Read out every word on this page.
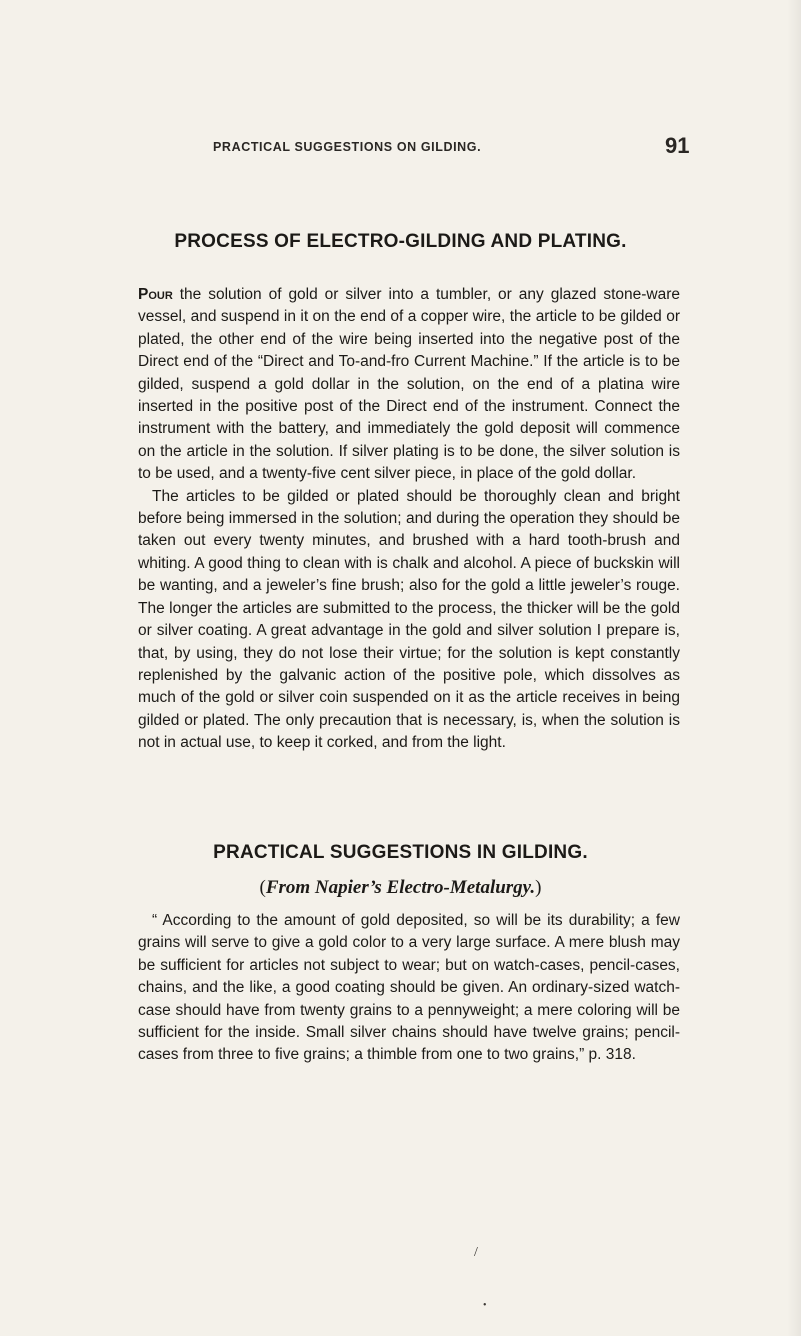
PRACTICAL SUGGESTIONS ON GILDING.	91
PROCESS OF ELECTRO-GILDING AND PLATING.

Pour the solution of gold or silver into a tumbler, or any glazed stone-ware vessel, and suspend in it on the end of a copper wire, the article to be gilded or plated, the other end of the wire being inserted into the negative post of the Direct end of the “Direct and To-and-fro Current Machine.” If the article is to be gilded, suspend a gold dollar in the solution, on the end of a platina wire inserted in the positive post of the Direct end of the instrument. Connect the instrument with the battery, and immediately the gold deposit will commence on the article in the solution. If silver plating is to be done, the silver solution is to be used, and a twenty-five cent silver piece, in place of the gold dollar.

The articles to be gilded or plated should be thoroughly clean and bright before being immersed in the solution; and during the operation they should be taken out every twenty minutes, and brushed with a hard tooth-brush and whiting. A good thing to clean with is chalk and alcohol. A piece of buckskin will be wanting, and a jeweler’s fine brush; also for the gold a little jeweler’s rouge. The longer the articles are submitted to the process, the thicker will be the gold or silver coating. A great advantage in the gold and silver solution I prepare is, that, by using, they do not lose their virtue; for the solution is kept constantly replenished by the galvanic action of the positive pole, which dissolves as much of the gold or silver coin suspended on it as the article receives in being gilded or plated. The only precaution that is necessary, is, when the solution is not in actual use, to keep it corked, and from the light.

PRACTICAL SUGGESTIONS IN GILDING.
(From Napier’s Electro-Metalurgy.)

“ According to the amount of gold deposited, so will be its durability; a few grains will serve to give a gold color to a very large surface. A mere blush may be sufficient for articles not subject to wear; but on watch-cases, pencil-cases, chains, and the like, a good coating should be given. An ordinary-sized watch-case should have from twenty grains to a pennyweight; a mere coloring will be sufficient for the inside. Small silver chains should have twelve grains; pencil-cases from three to five grains; a thimble from one to two grains,” p. 318.

/
•
